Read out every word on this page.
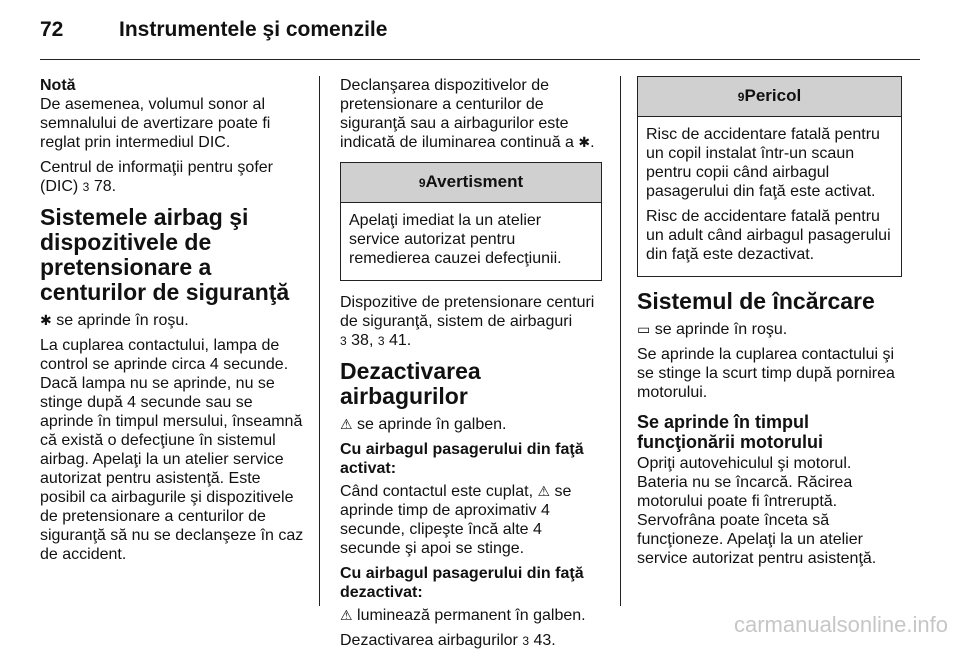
72	Instrumentele şi comenzile

Notă
De asemenea, volumul sonor al semnalului de avertizare poate fi reglat prin intermediul DIC.

Centrul de informaţii pentru şofer (DIC) 3 78.

Sistemele airbag şi dispozitivele de pretensionare a centurilor de siguranţă

✱ se aprinde în roşu.

La cuplarea contactului, lampa de control se aprinde circa 4 secunde. Dacă lampa nu se aprinde, nu se stinge după 4 secunde sau se aprinde în timpul mersului, înseamnă că există o defecţiune în sistemul airbag. Apelaţi la un atelier service autorizat pentru asistenţă. Este posibil ca airbagurile şi dispozitivele de pretensionare a centurilor de siguranţă să nu se declanşeze în caz de accident.

Declanşarea dispozitivelor de pretensionare a centurilor de siguranţă sau a airbagurilor este indicată de iluminarea continuă a ✱.

9Avertisment

Apelaţi imediat la un atelier service autorizat pentru remedierea cauzei defecţiunii.

Dispozitive de pretensionare centuri de siguranţă, sistem de airbaguri
3 38, 3 41.

Dezactivarea airbagurilor

⚠ se aprinde în galben.

Cu airbagul pasagerului din faţă activat:

Când contactul este cuplat, ⚠ se aprinde timp de aproximativ 4 secunde, clipeşte încă alte 4 secunde şi apoi se stinge.

Cu airbagul pasagerului din faţă dezactivat:

⚠ luminează permanent în galben.

Dezactivarea airbagurilor 3 43.

9Pericol

Risc de accidentare fatală pentru un copil instalat într-un scaun pentru copii când airbagul pasagerului din faţă este activat.

Risc de accidentare fatală pentru un adult când airbagul pasagerului din faţă este dezactivat.

Sistemul de încărcare

▭ se aprinde în roşu.

Se aprinde la cuplarea contactului şi se stinge la scurt timp după pornirea motorului.

Se aprinde în timpul funcţionării motorului

Opriţi autovehiculul şi motorul. Bateria nu se încarcă. Răcirea motorului poate fi întreruptă. Servofrâna poate înceta să funcţioneze. Apelaţi la un atelier service autorizat pentru asistenţă.

carmanualsonline.info
